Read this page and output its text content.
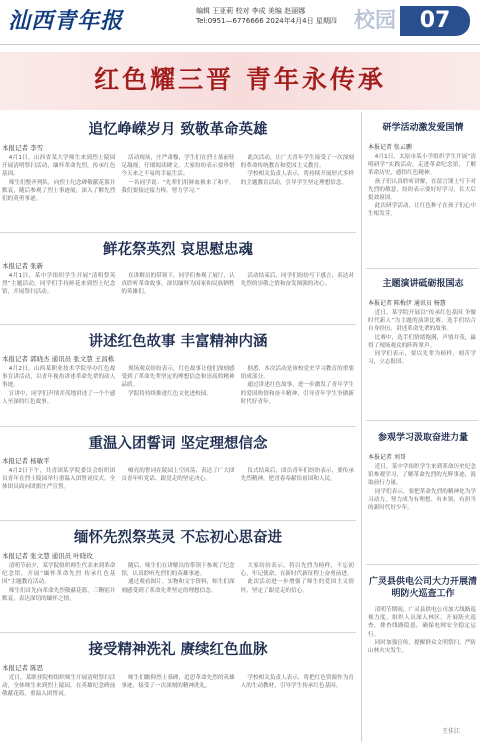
汕西青年报	编辑 王亚莉 校对 李成 美编 赵丽娜
Tel:0951—6776666 2024年4月4日 星期四 校园	07
红色耀三晋 青年永传承
追忆峥嵘岁月 致敬革命英雄
本报记者 李雪

4月1日，山西省某大学师生来到烈士陵园开展清明祭扫活动，缅怀革命先烈，传承红色基因。

师生们整齐列队，向烈士纪念碑敬献花篮并默哀，随后参观了烈士事迹展，深入了解先烈们的英勇事迹。

活动现场，庄严肃穆，学生们在烈士墓前驻足凝视，仔细阅读碑文。大家纷纷表示要珍惜今天来之不易的幸福生活。

一名同学说：“先辈们用鲜血换来了和平，我们要接过接力棒，努力学习。”

此次活动，让广大青年学生接受了一次深刻的革命传统教育和爱国主义教育。

学校相关负责人表示，将持续开展形式多样的主题教育活动，引导学生坚定理想信念。

鲜花祭英烈 哀思慰忠魂
本报记者 张新

4月1日，某中学组织学生开展“清明祭英烈”主题活动，同学们手持鲜花来到烈士纪念馆，开展祭扫活动。

在讲解员的带领下，同学们参观了展厅，认真聆听革命故事，深切缅怀为国家和民族牺牲的英雄们。

活动结束后，同学们纷纷写下感言，表达对先烈的崇敬之情和奋发图强的决心。

讲述红色故事 丰富精神内涵
本报记者 郭晓杰 通讯员 张文慧 王昌栋

4月2日，山西某职业技术学院举办红色故事宣讲活动，以青年视角讲述革命先辈的动人事迹。

宣讲中，同学们声情并茂地讲述了一个个感人至深的红色故事。

现场观众纷纷表示，红色故事让他们深刻感受到了革命先辈坚定的理想信念和崇高的精神品质。

学院将持续推进红色文化进校园。

据悉，本次活动是该校党史学习教育的重要组成部分。

通过讲述红色故事，进一步激发了青年学生的爱国热情和奋斗精神，引导青年学生争做新时代好青年。

重温入团誓词 坚定理想信念
本报记者 杨敏平

4月2日下午，共青团某学院委员会组织团员青年在烈士陵园举行重温入团誓词仪式。全体团员面向团旗庄严宣誓。

嘹亮的誓词在陵园上空回荡，表达了广大团员青年听党话、跟党走的坚定决心。

仪式结束后，团员青年们纷纷表示，要传承先烈精神，把青春奉献给祖国和人民。

缅怀先烈祭英灵 不忘初心思奋进
本报记者 张文慧 通讯员 叶晓玫

清明节前夕，某学院组织师生代表来到革命纪念馆，开展“缅怀革命先烈 传承红色基因”主题教育活动。

师生们首先向革命先烈敬献花篮，三鞠躬并默哀，表达深切的缅怀之情。

随后，师生们在讲解员的带领下参观了纪念馆，认真聆听先烈们的英雄事迹。

通过观看图片、实物和文字资料，师生们深刻感受到了革命先辈坚定的理想信念。

大家纷纷表示，将以先烈为榜样，不忘初心，牢记使命，在新时代新征程上奋勇前进。

此次活动进一步增强了师生的爱国主义情怀，坚定了跟党走的信心。

接受精神洗礼 赓续红色血脉
本报记者 陈思

近日，某职业院校组织师生开展清明祭扫活动，全体师生来到烈士陵园，在英雄纪念碑前敬献花篮，重温入团誓词。

师生们瞻仰烈士墓碑，追思革命先烈的英雄事迹，接受了一次深刻的精神洗礼。

学校相关负责人表示，将把红色资源作为育人的生动教材，引导学生传承红色基因。

研学活动激发爱国情
本报记者 张云鹏

4月1日，太原市某小学组织学生开展“清明研学”实践活动，走进革命纪念馆，了解革命历史，感悟红色精神。

孩子们认真聆听讲解，在留言簿上写下对先烈的敬意，纷纷表示要好好学习，长大后报效祖国。

此次研学活动，让红色种子在孩子们心中生根发芽。

主题演讲砥砺报国志
本报记者 陈梅伊 通讯员 杨慧

近日，某学院开展以“传承红色基因 争做时代新人”为主题的演讲比赛，选手们结合自身经历，讲述革命先辈的故事。

比赛中，选手们情绪饱满，声情并茂，赢得了现场观众的阵阵掌声。

同学们表示，要以先辈为榜样，刻苦学习，立志报国。

参观学习汲取奋进力量
本报记者 刘哥

近日，某中学组织学生来到革命历史纪念馆参观学习，了解革命先烈的光辉事迹，汲取前行力量。

同学们表示，要把革命先烈的精神化为学习动力，努力成为有理想、有本领、有担当的新时代好少年。

广灵县供电公司大力开展清明防火巡查工作

清明节期间，广灵县供电公司加大线路巡视力度，组织人员深入林区，开展防火巡查，排查线路隐患，确保电网安全稳定运行。

同时加强宣传，提醒群众文明祭扫，严防山林火灾发生。

王佳江
